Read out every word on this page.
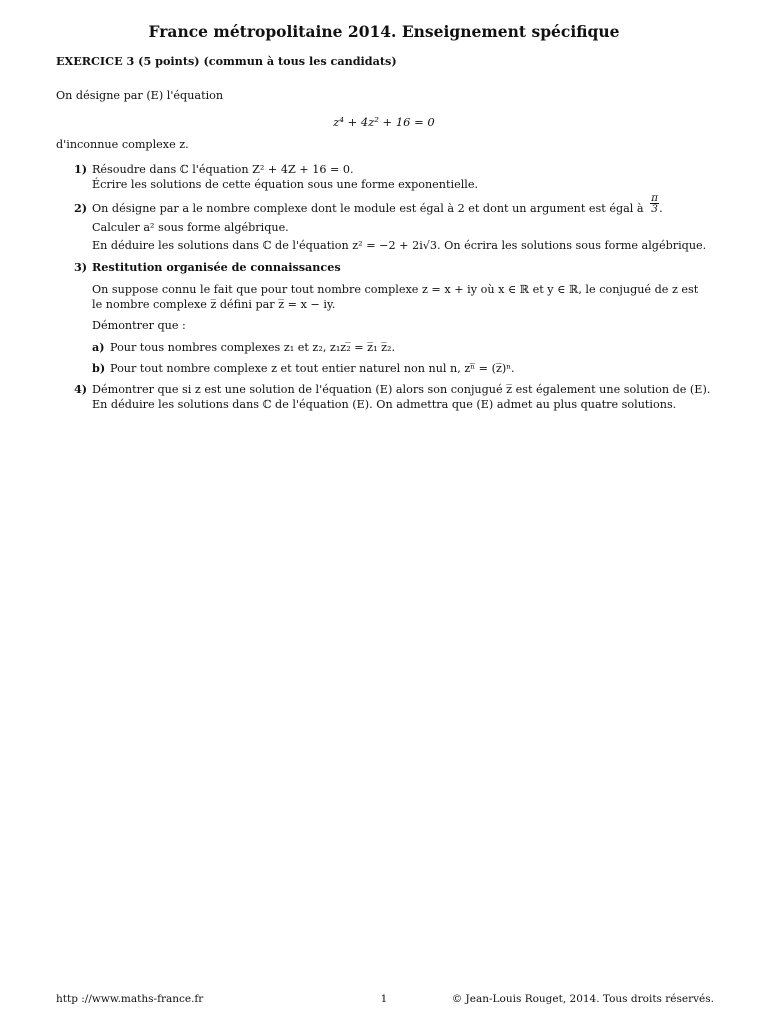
France métropolitaine 2014. Enseignement spécifique
EXERCICE 3 (5 points) (commun à tous les candidats)
On désigne par (E) l'équation
z⁴ + 4z² + 16 = 0
d'inconnue complexe z.
1) Résoudre dans ℂ l'équation Z² + 4Z + 16 = 0.
Écrire les solutions de cette équation sous une forme exponentielle.
2) On désigne par a le nombre complexe dont le module est égal à 2 et dont un argument est égal à $\frac{\pi}{3}$ .
Calculer a² sous forme algébrique.
En déduire les solutions dans ℂ de l'équation z² = −2 + 2i√3. On écrira les solutions sous forme algébrique.
3) Restitution organisée de connaissances
On suppose connu le fait que pour tout nombre complexe z = x + iy où x ∈ ℝ et y ∈ ℝ, le conjugué de z est
le nombre complexe z̅ défini par z̅ = x − iy.
Démontrer que :
a) Pour tous nombres complexes z₁ et z₂, z₁z₂̅ = z̅₁ z̅₂.
b) Pour tout nombre complexe z et tout entier naturel non nul n, zⁿ̅ = (z̅)ⁿ.
4) Démontrer que si z est une solution de l'équation (E) alors son conjugué z̅ est également une solution de (E).
En déduire les solutions dans ℂ de l'équation (E). On admettra que (E) admet au plus quatre solutions.
http ://www.maths-france.fr	1	© Jean-Louis Rouget, 2014. Tous droits réservés.
